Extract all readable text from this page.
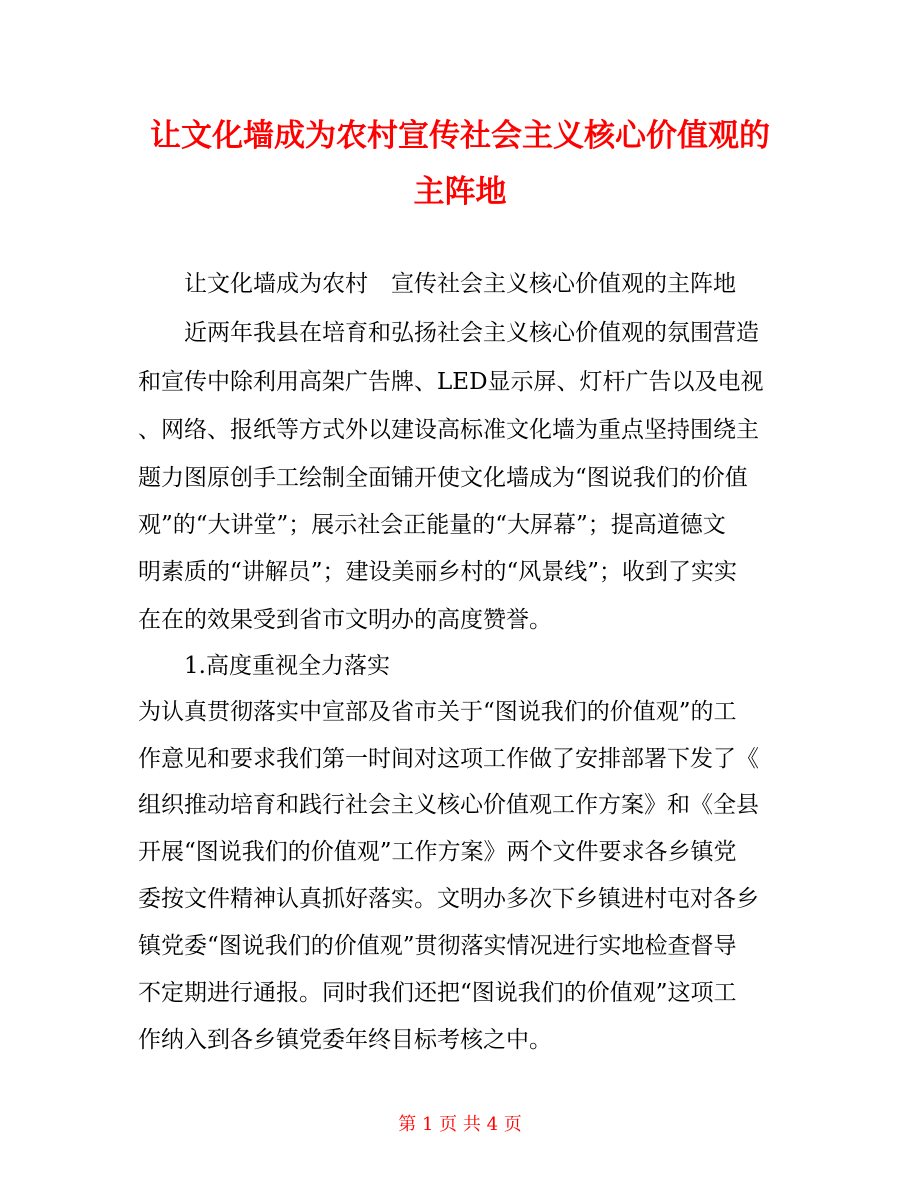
让文化墙成为农村宣传社会主义核心价值观的
主阵地

让文化墙成为农村　宣传社会主义核心价值观的主阵地

近两年我县在培育和弘扬社会主义核心价值观的氛围营造

和宣传中除利用高架广告牌、LED显示屏、灯杆广告以及电视

、网络、报纸等方式外以建设高标准文化墙为重点坚持围绕主

题力图原创手工绘制全面铺开使文化墙成为“图说我们的价值

观”的“大讲堂”；展示社会正能量的“大屏幕”；提高道德文

明素质的“讲解员”；建设美丽乡村的“风景线”；收到了实实

在在的效果受到省市文明办的高度赞誉。

1.高度重视全力落实

为认真贯彻落实中宣部及省市关于“图说我们的价值观”的工

作意见和要求我们第一时间对这项工作做了安排部署下发了《

组织推动培育和践行社会主义核心价值观工作方案》和《全县

开展“图说我们的价值观”工作方案》两个文件要求各乡镇党

委按文件精神认真抓好落实。文明办多次下乡镇进村屯对各乡

镇党委“图说我们的价值观”贯彻落实情况进行实地检查督导

不定期进行通报。同时我们还把“图说我们的价值观”这项工

作纳入到各乡镇党委年终目标考核之中。

第 1 页 共 4 页
